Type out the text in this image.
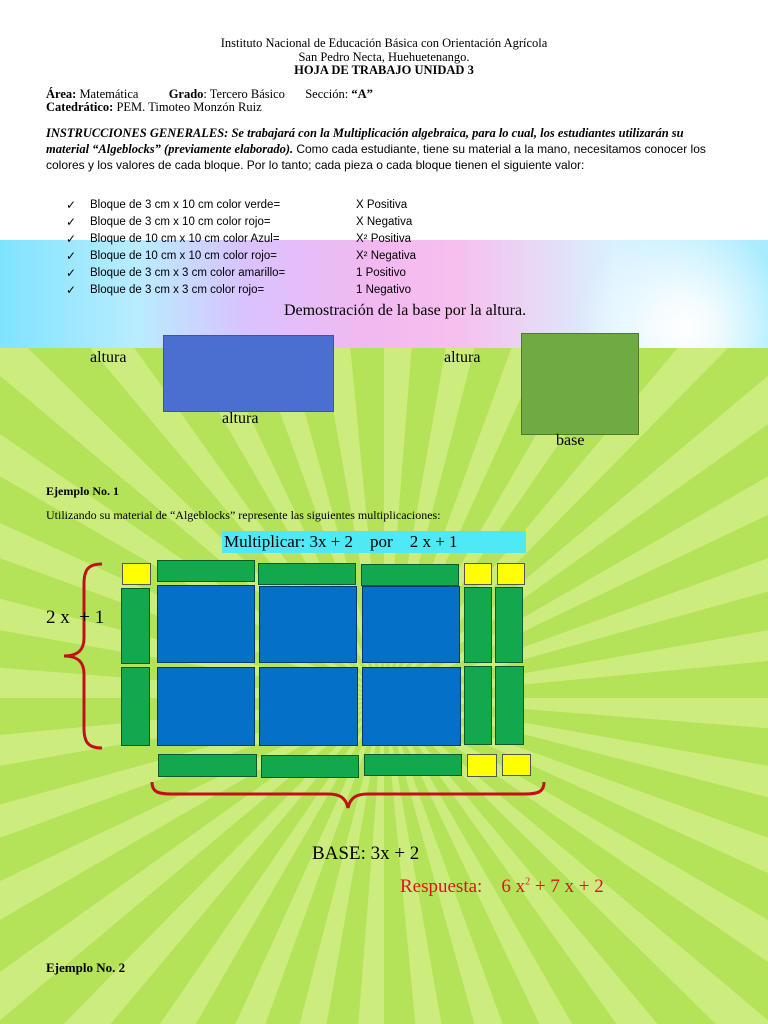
Instituto Nacional de Educación Básica con Orientación Agrícola
San Pedro Necta, Huehuetenango.
HOJA DE TRABAJO UNIDAD 3
Área: Matemática Grado: Tercero Básico Sección: “A”
Catedrático: PEM. Timoteo Monzón Ruiz
INSTRUCCIONES GENERALES: Se trabajará con la Multiplicación algebraica, para lo cual, los estudiantes utilizarán su material “Algeblocks” (previamente elaborado). Como cada estudiante, tiene su material a la mano, necesitamos conocer los colores y los valores de cada bloque. Por lo tanto; cada pieza o cada bloque tienen el siguiente valor:
✓ Bloque de 3 cm x 10 cm color verde=	X Positiva
✓ Bloque de 3 cm x 10 cm color rojo=	X Negativa
✓ Bloque de 10 cm x 10 cm color Azul=	X² Positiva
✓ Bloque de 10 cm x 10 cm color rojo=	X² Negativa
✓ Bloque de 3 cm x 3 cm color amarillo=	1 Positivo
✓ Bloque de 3 cm x 3 cm color rojo=	1 Negativo
Demostración de la base por la altura.
altura
altura
altura
base
Ejemplo No. 1
Utilizando su material de “Algeblocks” represente las siguientes multiplicaciones:
Multiplicar: 3x + 2    por    2 x + 1
2 x  + 1
BASE: 3x + 2
Respuesta: 6 $x^2 + 7$ x + 2
Ejemplo No. 2
